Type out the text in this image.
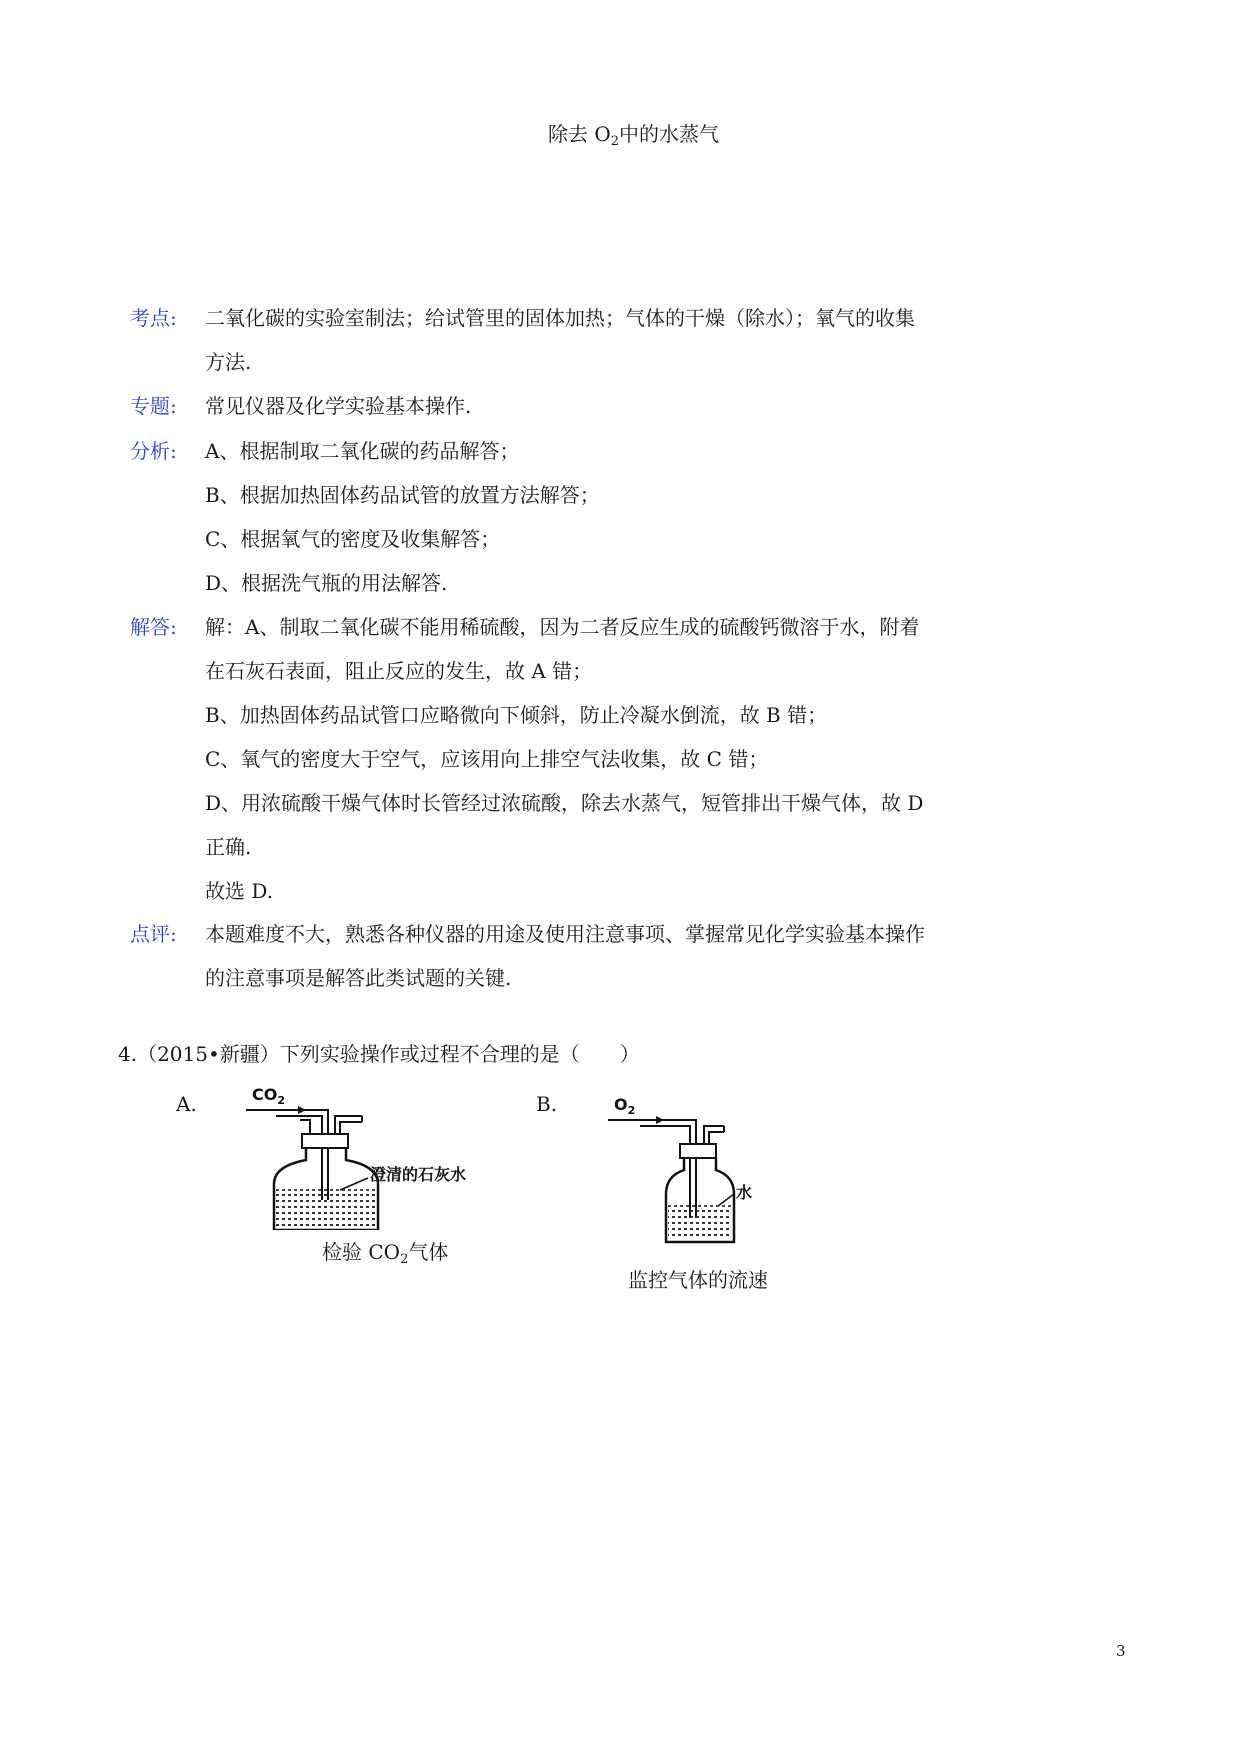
除去 $O_2$中的水蒸气
考点: 二氧化碳的实验室制法；给试管里的固体加热；气体的干燥（除水）；氧气的收集
方法.
专题: 常见仪器及化学实验基本操作.
分析: A、根据制取二氧化碳的药品解答；
B、根据加热固体药品试管的放置方法解答；
C、根据氧气的密度及收集解答；
D、根据洗气瓶的用法解答.
解答: 解：A、制取二氧化碳不能用稀硫酸，因为二者反应生成的硫酸钙微溶于水，附着
在石灰石表面，阻止反应的发生，故 A 错；
B、加热固体药品试管口应略微向下倾斜，防止冷凝水倒流，故 B 错；
C、氧气的密度大于空气，应该用向上排空气法收集，故 C 错；
D、用浓硫酸干燥气体时长管经过浓硫酸，除去水蒸气，短管排出干燥气体，故 D
正确.
故选 D.
点评: 本题难度不大，熟悉各种仪器的用途及使用注意事项、掌握常见化学实验基本操作
的注意事项是解答此类试题的关键.
4.（2015•新疆）下列实验操作或过程不合理的是（　　）
A.	$CO_2$
澄清的石灰水
检验 $CO_2$气体
B.	$O_2$
水
监控气体的流速
3
